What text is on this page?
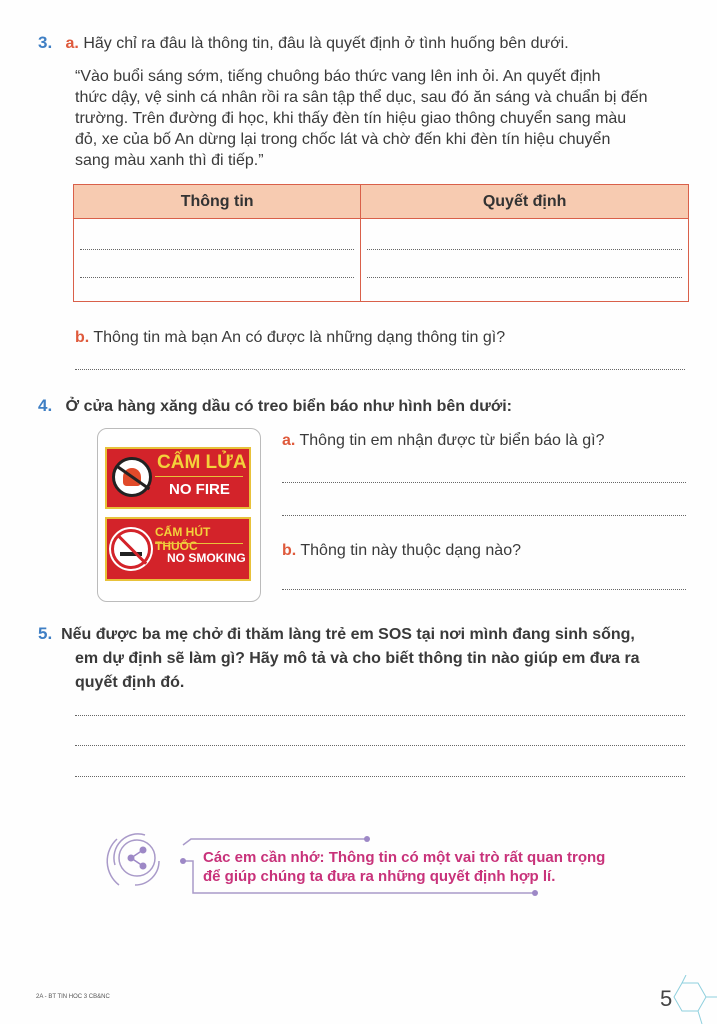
3. a. Hãy chỉ ra đâu là thông tin, đâu là quyết định ở tình huống bên dưới.
“Vào buổi sáng sớm, tiếng chuông báo thức vang lên inh ỏi. An quyết định
thức dậy, vệ sinh cá nhân rồi ra sân tập thể dục, sau đó ăn sáng và chuẩn bị đến
trường. Trên đường đi học, khi thấy đèn tín hiệu giao thông chuyển sang màu
đỏ, xe của bố An dừng lại trong chốc lát và chờ đến khi đèn tín hiệu chuyển
sang màu xanh thì đi tiếp.”
Thông tin	Quyết định

b. Thông tin mà bạn An có được là những dạng thông tin gì?
4. Ở cửa hàng xăng dầu có treo biển báo như hình bên dưới:
CẤM LỬA
NO FIRE
CẤM HÚT THUỐC
NO SMOKING
a. Thông tin em nhận được từ biển báo là gì?
b. Thông tin này thuộc dạng nào?
5. Nếu được ba mẹ chở đi thăm làng trẻ em SOS tại nơi mình đang sinh sống,
em dự định sẽ làm gì? Hãy mô tả và cho biết thông tin nào giúp em đưa ra
quyết định đó.
Các em cần nhớ: Thông tin có một vai trò rất quan trọng
để giúp chúng ta đưa ra những quyết định hợp lí.
2A - BT TIN HOC 3 CB&NC	5
